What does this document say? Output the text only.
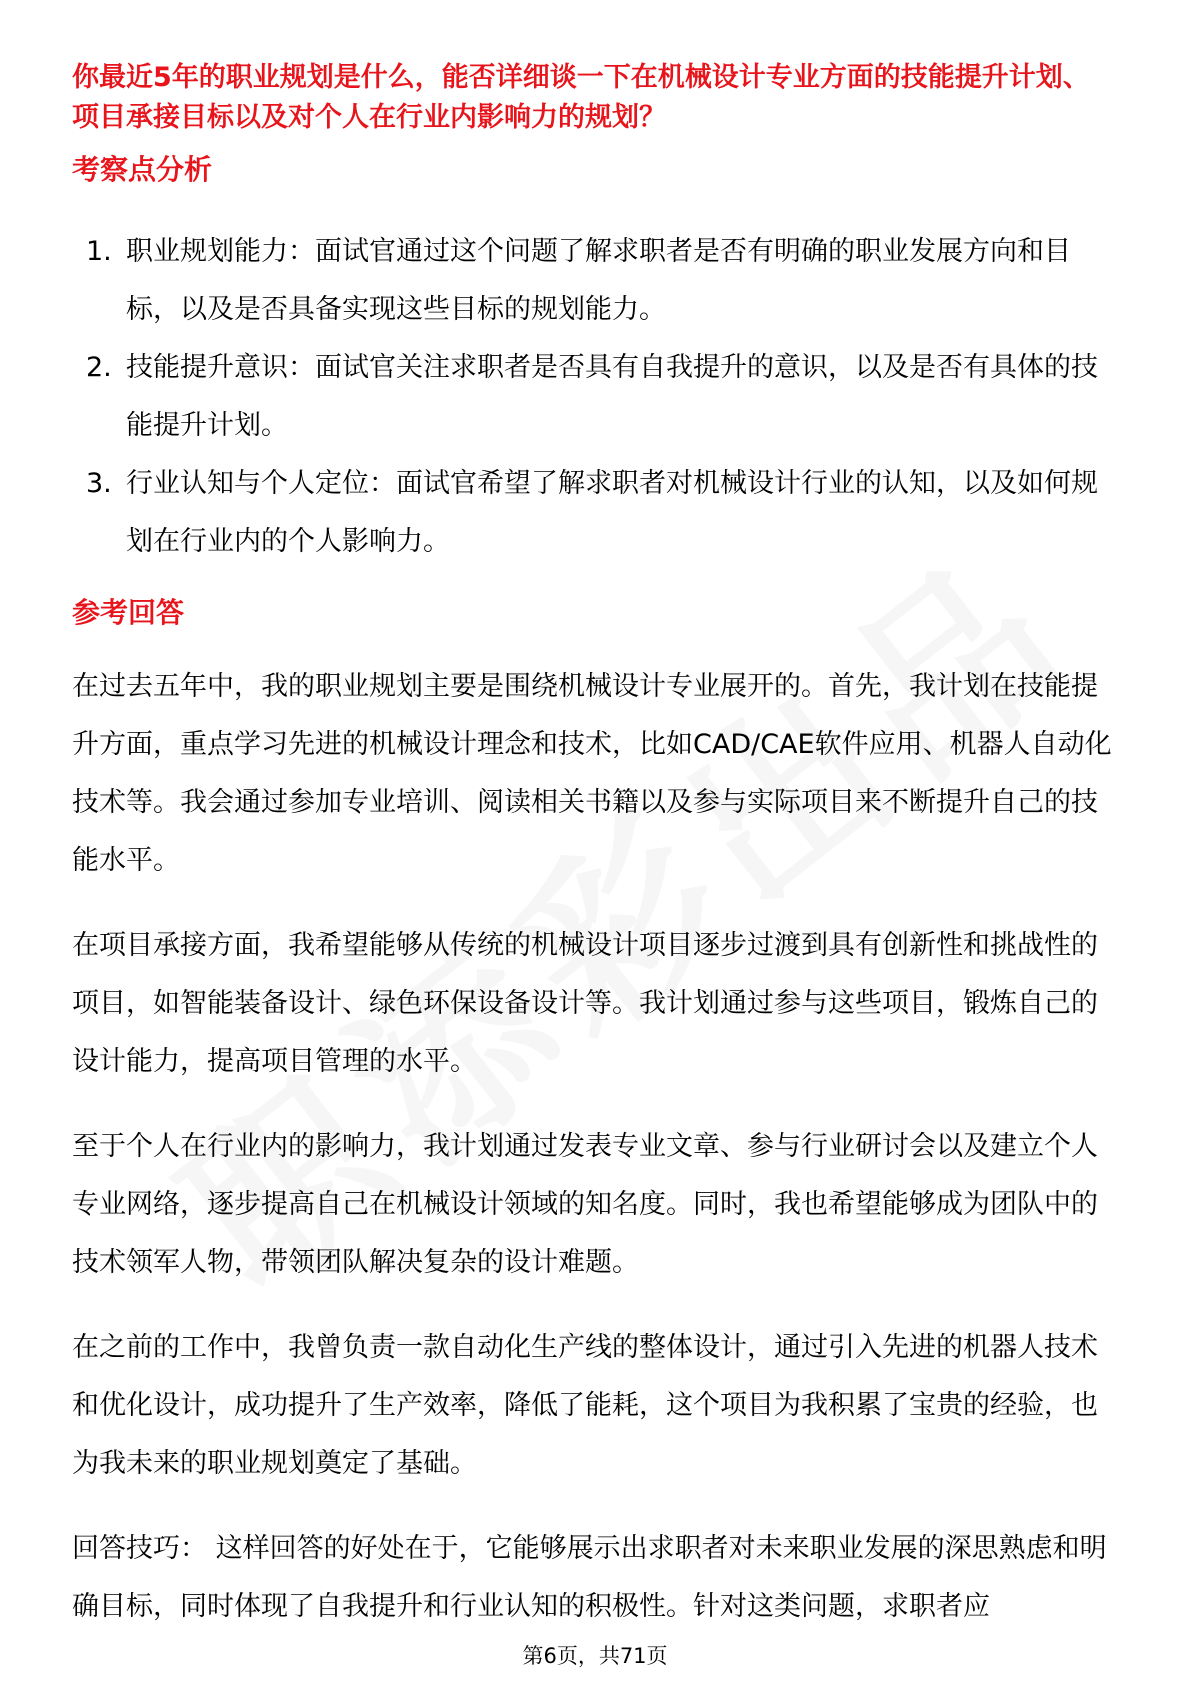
你最近5年的职业规划是什么，能否详细谈一下在机械设计专业方面的技能提升计划、项目承接目标以及对个人在行业内影响力的规划？

考察点分析
1. 职业规划能力：面试官通过这个问题了解求职者是否有明确的职业发展方向和目标，以及是否具备实现这些目标的规划能力。
2. 技能提升意识：面试官关注求职者是否具有自我提升的意识，以及是否有具体的技能提升计划。
3. 行业认知与个人定位：面试官希望了解求职者对机械设计行业的认知，以及如何规划在行业内的个人影响力。
参考回答

在过去五年中，我的职业规划主要是围绕机械设计专业展开的。首先，我计划在技能提升方面，重点学习先进的机械设计理念和技术，比如CAD/CAE软件应用、机器人自动化技术等。我会通过参加专业培训、阅读相关书籍以及参与实际项目来不断提升自己的技能水平。

在项目承接方面，我希望能够从传统的机械设计项目逐步过渡到具有创新性和挑战性的项目，如智能装备设计、绿色环保设备设计等。我计划通过参与这些项目，锻炼自己的设计能力，提高项目管理的水平。

至于个人在行业内的影响力，我计划通过发表专业文章、参与行业研讨会以及建立个人专业网络，逐步提高自己在机械设计领域的知名度。同时，我也希望能够成为团队中的技术领军人物，带领团队解决复杂的设计难题。

在之前的工作中，我曾负责一款自动化生产线的整体设计，通过引入先进的机器人技术和优化设计，成功提升了生产效率，降低了能耗，这个项目为我积累了宝贵的经验，也为我未来的职业规划奠定了基础。

回答技巧： 这样回答的好处在于，它能够展示出求职者对未来职业发展的深思熟虑和明确目标，同时体现了自我提升和行业认知的积极性。针对这类问题，求职者应

第6页，共71页
